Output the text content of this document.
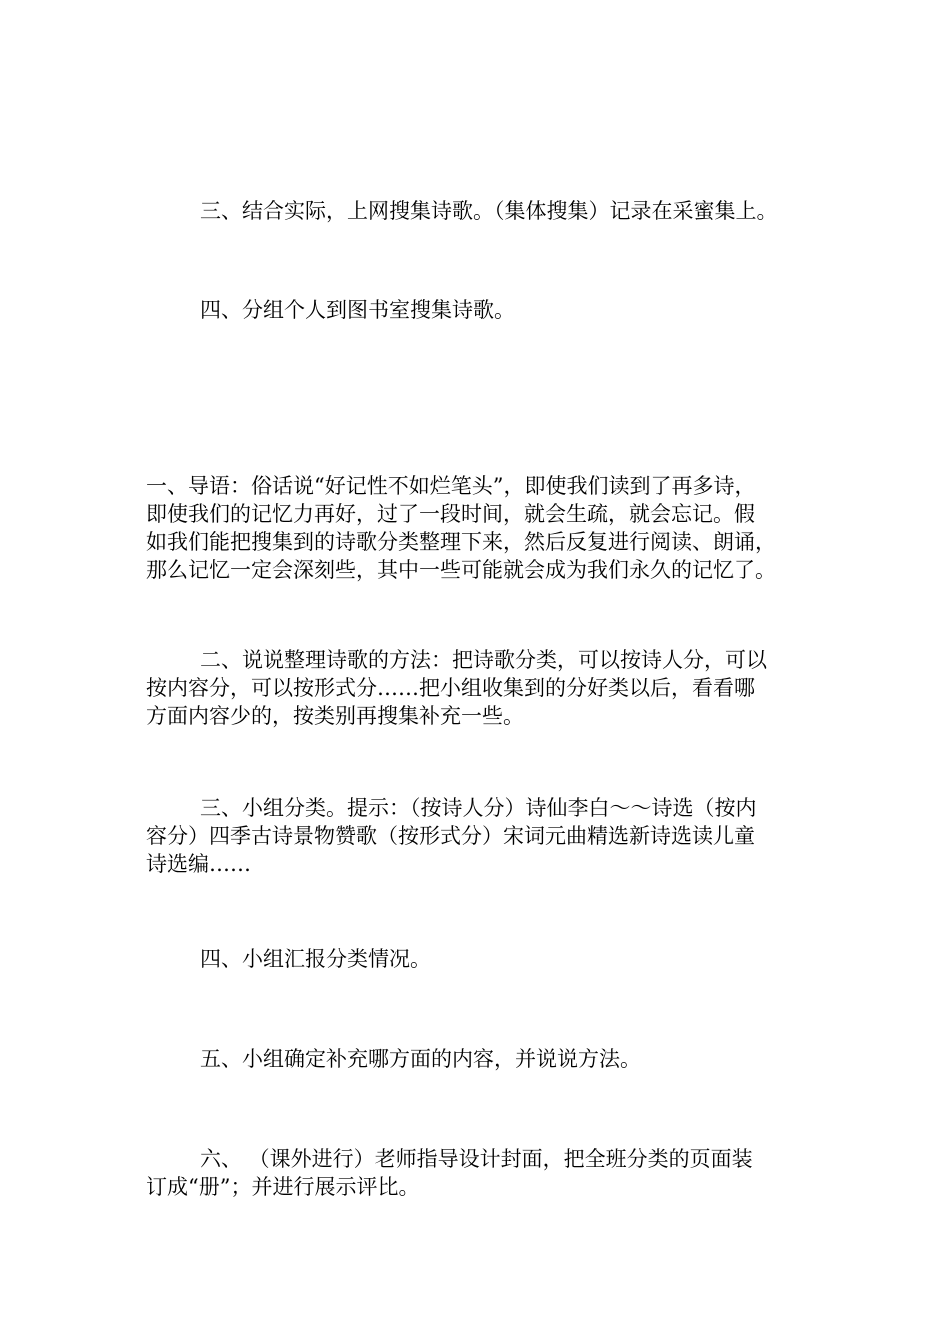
三、结合实际，上网搜集诗歌。（集体搜集）记录在采蜜集上。

四、分组个人到图书室搜集诗歌。

一、导语：俗话说“好记性不如烂笔头”，即使我们读到了再多诗，
即使我们的记忆力再好，过了一段时间，就会生疏，就会忘记。假
如我们能把搜集到的诗歌分类整理下来，然后反复进行阅读、朗诵，
那么记忆一定会深刻些，其中一些可能就会成为我们永久的记忆了。

二、说说整理诗歌的方法：把诗歌分类，可以按诗人分，可以
按内容分，可以按形式分……把小组收集到的分好类以后，看看哪
方面内容少的，按类别再搜集补充一些。

三、小组分类。提示：（按诗人分）诗仙李白～～诗选（按内
容分）四季古诗景物赞歌（按形式分）宋词元曲精选新诗选读儿童
诗选编……

四、小组汇报分类情况。

五、小组确定补充哪方面的内容，并说说方法。

六、 （课外进行）老师指导设计封面，把全班分类的页面装
订成“册”；并进行展示评比。
